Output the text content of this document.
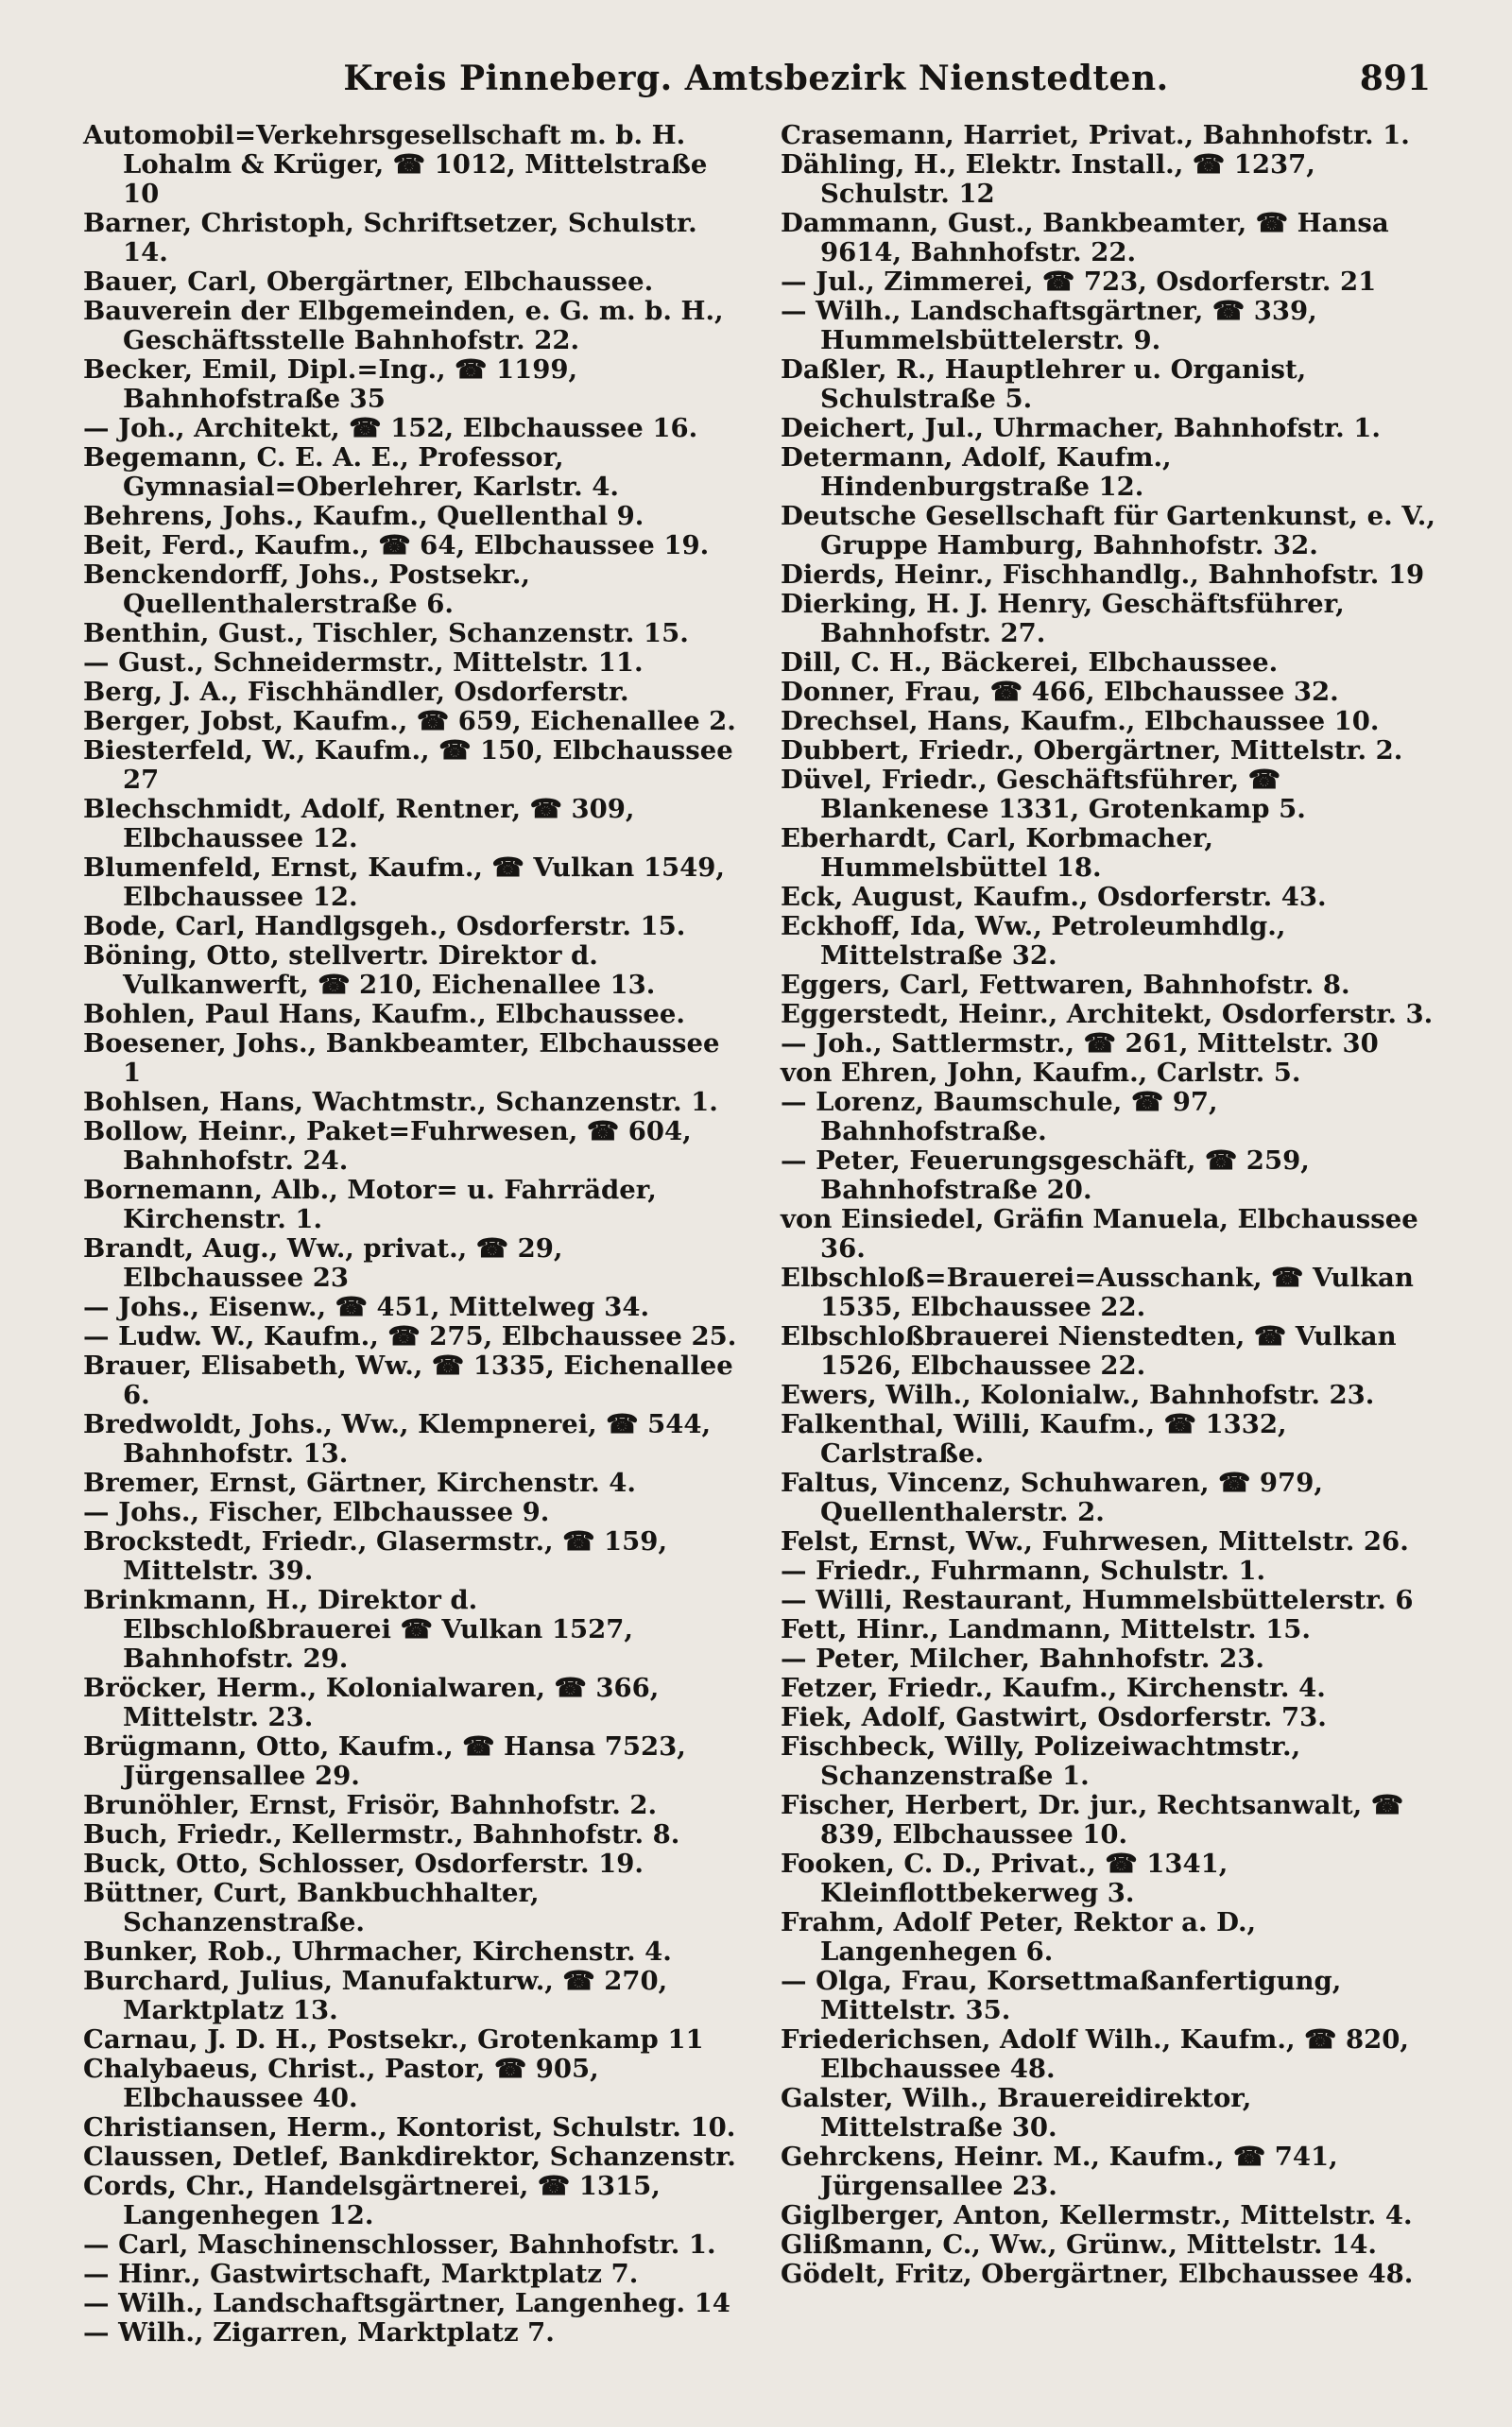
Kreis Pinneberg. Amtsbezirk Nienstedten.	891

Automobil=Verkehrsgesellschaft m. b. H. Lohalm & Krüger, ☎ 1012, Mittelstraße 10

Barner, Christoph, Schriftsetzer, Schulstr. 14.

Bauer, Carl, Obergärtner, Elbchaussee.

Bauverein der Elbgemeinden, e. G. m. b. H., Geschäftsstelle Bahnhofstr. 22.

Becker, Emil, Dipl.=Ing., ☎ 1199, Bahnhofstraße 35

— Joh., Architekt, ☎ 152, Elbchaussee 16.

Begemann, C. E. A. E., Professor, Gymnasial=Oberlehrer, Karlstr. 4.

Behrens, Johs., Kaufm., Quellenthal 9.

Beit, Ferd., Kaufm., ☎ 64, Elbchaussee 19.

Benckendorff, Johs., Postsekr., Quellenthalerstraße 6.

Benthin, Gust., Tischler, Schanzenstr. 15.

— Gust., Schneidermstr., Mittelstr. 11.

Berg, J. A., Fischhändler, Osdorferstr.

Berger, Jobst, Kaufm., ☎ 659, Eichenallee 2.

Biesterfeld, W., Kaufm., ☎ 150, Elbchaussee 27

Blechschmidt, Adolf, Rentner, ☎ 309, Elbchaussee 12.

Blumenfeld, Ernst, Kaufm., ☎ Vulkan 1549, Elbchaussee 12.

Bode, Carl, Handlgsgeh., Osdorferstr. 15.

Böning, Otto, stellvertr. Direktor d. Vulkanwerft, ☎ 210, Eichenallee 13.

Bohlen, Paul Hans, Kaufm., Elbchaussee.

Boesener, Johs., Bankbeamter, Elbchaussee 1

Bohlsen, Hans, Wachtmstr., Schanzenstr. 1.

Bollow, Heinr., Paket=Fuhrwesen, ☎ 604, Bahnhofstr. 24.

Bornemann, Alb., Motor= u. Fahrräder, Kirchenstr. 1.

Brandt, Aug., Ww., privat., ☎ 29, Elbchaussee 23

— Johs., Eisenw., ☎ 451, Mittelweg 34.

— Ludw. W., Kaufm., ☎ 275, Elbchaussee 25.

Brauer, Elisabeth, Ww., ☎ 1335, Eichenallee 6.

Bredwoldt, Johs., Ww., Klempnerei, ☎ 544, Bahnhofstr. 13.

Bremer, Ernst, Gärtner, Kirchenstr. 4.

— Johs., Fischer, Elbchaussee 9.

Brockstedt, Friedr., Glasermstr., ☎ 159, Mittelstr. 39.

Brinkmann, H., Direktor d. Elbschloßbrauerei ☎ Vulkan 1527, Bahnhofstr. 29.

Bröcker, Herm., Kolonialwaren, ☎ 366, Mittelstr. 23.

Brügmann, Otto, Kaufm., ☎ Hansa 7523, Jürgensallee 29.

Brunöhler, Ernst, Frisör, Bahnhofstr. 2.

Buch, Friedr., Kellermstr., Bahnhofstr. 8.

Buck, Otto, Schlosser, Osdorferstr. 19.

Büttner, Curt, Bankbuchhalter, Schanzenstraße.

Bunker, Rob., Uhrmacher, Kirchenstr. 4.

Burchard, Julius, Manufakturw., ☎ 270, Marktplatz 13.

Carnau, J. D. H., Postsekr., Grotenkamp 11

Chalybaeus, Christ., Pastor, ☎ 905, Elbchaussee 40.

Christiansen, Herm., Kontorist, Schulstr. 10.

Claussen, Detlef, Bankdirektor, Schanzenstr.

Cords, Chr., Handelsgärtnerei, ☎ 1315, Langenhegen 12.

— Carl, Maschinenschlosser, Bahnhofstr. 1.

— Hinr., Gastwirtschaft, Marktplatz 7.

— Wilh., Landschaftsgärtner, Langenheg. 14

— Wilh., Zigarren, Marktplatz 7.

Crasemann, Harriet, Privat., Bahnhofstr. 1.

Dähling, H., Elektr. Install., ☎ 1237, Schulstr. 12

Dammann, Gust., Bankbeamter, ☎ Hansa 9614, Bahnhofstr. 22.

— Jul., Zimmerei, ☎ 723, Osdorferstr. 21

— Wilh., Landschaftsgärtner, ☎ 339, Hummelsbüttelerstr. 9.

Daßler, R., Hauptlehrer u. Organist, Schulstraße 5.

Deichert, Jul., Uhrmacher, Bahnhofstr. 1.

Determann, Adolf, Kaufm., Hindenburgstraße 12.

Deutsche Gesellschaft für Gartenkunst, e. V., Gruppe Hamburg, Bahnhofstr. 32.

Dierds, Heinr., Fischhandlg., Bahnhofstr. 19

Dierking, H. J. Henry, Geschäftsführer, Bahnhofstr. 27.

Dill, C. H., Bäckerei, Elbchaussee.

Donner, Frau, ☎ 466, Elbchaussee 32.

Drechsel, Hans, Kaufm., Elbchaussee 10.

Dubbert, Friedr., Obergärtner, Mittelstr. 2.

Düvel, Friedr., Geschäftsführer, ☎ Blankenese 1331, Grotenkamp 5.

Eberhardt, Carl, Korbmacher, Hummelsbüttel 18.

Eck, August, Kaufm., Osdorferstr. 43.

Eckhoff, Ida, Ww., Petroleumhdlg., Mittelstraße 32.

Eggers, Carl, Fettwaren, Bahnhofstr. 8.

Eggerstedt, Heinr., Architekt, Osdorferstr. 3.

— Joh., Sattlermstr., ☎ 261, Mittelstr. 30

von Ehren, John, Kaufm., Carlstr. 5.

— Lorenz, Baumschule, ☎ 97, Bahnhofstraße.

— Peter, Feuerungsgeschäft, ☎ 259, Bahnhofstraße 20.

von Einsiedel, Gräfin Manuela, Elbchaussee 36.

Elbschloß=Brauerei=Ausschank, ☎ Vulkan 1535, Elbchaussee 22.

Elbschloßbrauerei Nienstedten, ☎ Vulkan 1526, Elbchaussee 22.

Ewers, Wilh., Kolonialw., Bahnhofstr. 23.

Falkenthal, Willi, Kaufm., ☎ 1332, Carlstraße.

Faltus, Vincenz, Schuhwaren, ☎ 979, Quellenthalerstr. 2.

Felst, Ernst, Ww., Fuhrwesen, Mittelstr. 26.

— Friedr., Fuhrmann, Schulstr. 1.

— Willi, Restaurant, Hummelsbüttelerstr. 6

Fett, Hinr., Landmann, Mittelstr. 15.

— Peter, Milcher, Bahnhofstr. 23.

Fetzer, Friedr., Kaufm., Kirchenstr. 4.

Fiek, Adolf, Gastwirt, Osdorferstr. 73.

Fischbeck, Willy, Polizeiwachtmstr., Schanzenstraße 1.

Fischer, Herbert, Dr. jur., Rechtsanwalt, ☎ 839, Elbchaussee 10.

Fooken, C. D., Privat., ☎ 1341, Kleinflottbekerweg 3.

Frahm, Adolf Peter, Rektor a. D., Langenhegen 6.

— Olga, Frau, Korsettmaßanfertigung, Mittelstr. 35.

Friederichsen, Adolf Wilh., Kaufm., ☎ 820, Elbchaussee 48.

Galster, Wilh., Brauereidirektor, Mittelstraße 30.

Gehrckens, Heinr. M., Kaufm., ☎ 741, Jürgensallee 23.

Giglberger, Anton, Kellermstr., Mittelstr. 4.

Glißmann, C., Ww., Grünw., Mittelstr. 14.

Gödelt, Fritz, Obergärtner, Elbchaussee 48.
